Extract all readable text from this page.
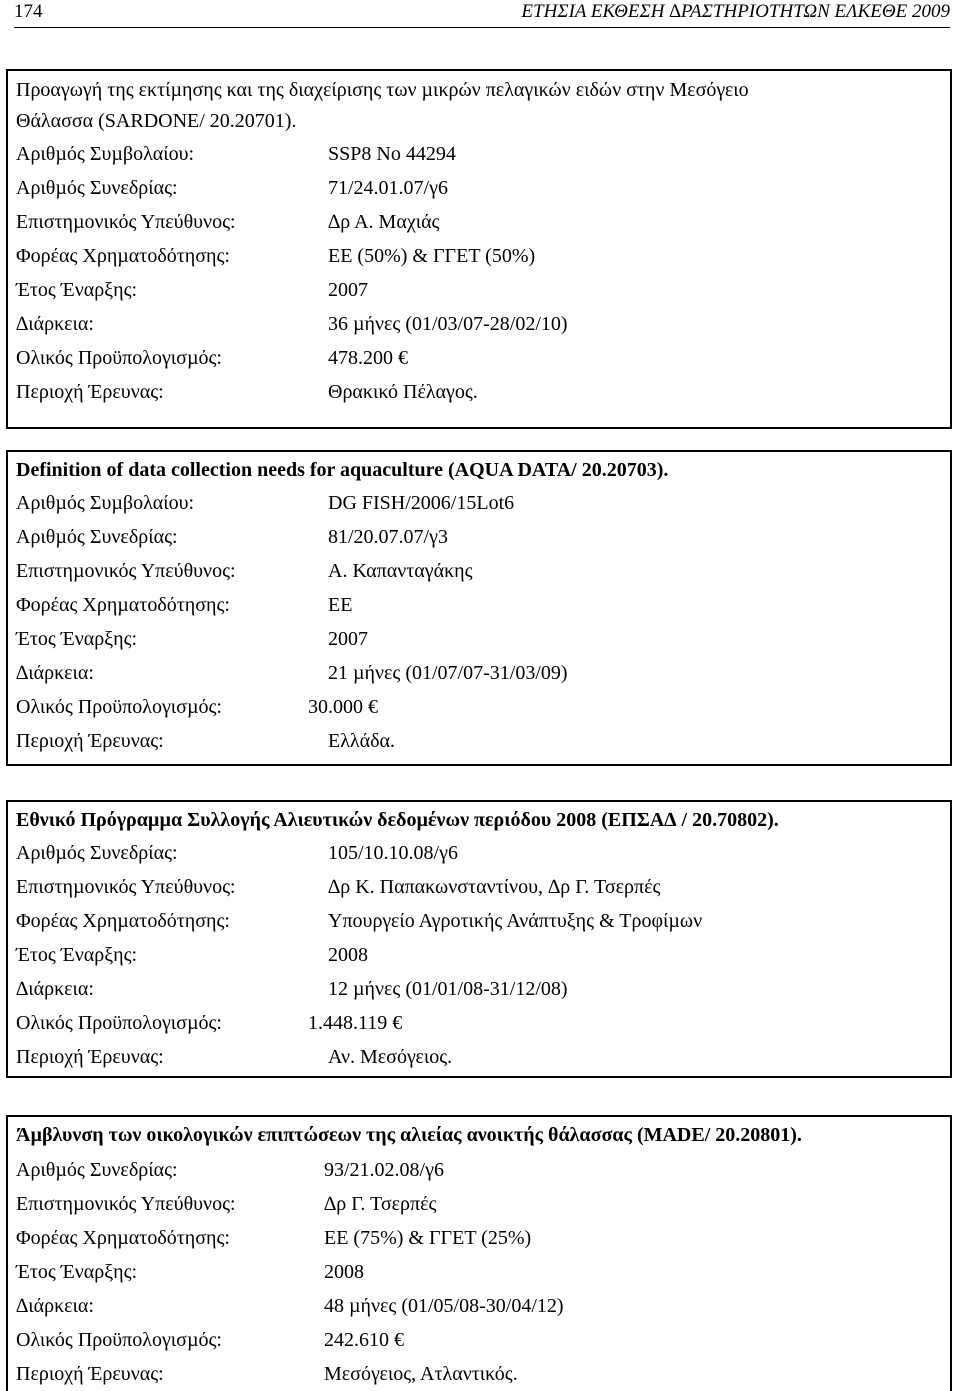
174	ΕΤΗΣΙΑ ΕΚΘΕΣΗ ∆ΡΑΣΤΗΡΙΟΤΗΤΩΝ ΕΛΚΕΘΕ 2009
Προαγωγή της εκτίµησης και της διαχείρισης των µικρών πελαγικών ειδών στην Μεσόγειο
Θάλασσα (SARDONE/ 20.20701).
Αριθµός Συµβολαίου:	SSP8 No 44294
Αριθµός Συνεδρίας:	71/24.01.07/γ6
Επιστηµονικός Υπεύθυνος:	∆ρ Α. Μαχιάς
Φορέας Χρηµατοδότησης:	ΕΕ (50%) & ΓΓΕΤ (50%)
Έτος Έναρξης:	2007
∆ιάρκεια:	36 µήνες (01/03/07-28/02/10)
Ολικός Προϋπολογισµός:	478.200 €
Περιοχή Έρευνας:	Θρακικό Πέλαγος.
Definition of data collection needs for aquaculture (AQUA DATA/ 20.20703).
Αριθµός Συµβολαίου:	DG FISH/2006/15Lot6
Αριθµός Συνεδρίας:	81/20.07.07/γ3
Επιστηµονικός Υπεύθυνος:	Α. Καπανταγάκης
Φορέας Χρηµατοδότησης:	ΕΕ
Έτος Έναρξης:	2007
∆ιάρκεια:	21 µήνες (01/07/07-31/03/09)
Ολικός Προϋπολογισµός:	30.000 €
Περιοχή Έρευνας:	Ελλάδα.
Εθνικό Πρόγραµµα Συλλογής Αλιευτικών δεδοµένων περιόδου 2008 (ΕΠΣΑ∆ / 20.70802).
Αριθµός Συνεδρίας:	105/10.10.08/γ6
Επιστηµονικός Υπεύθυνος:	∆ρ Κ. Παπακωνσταντίνου, ∆ρ Γ. Τσερπές
Φορέας Χρηµατοδότησης:	Υπουργείο Αγροτικής Ανάπτυξης & Τροφίµων
Έτος Έναρξης:	2008
∆ιάρκεια:	12 µήνες (01/01/08-31/12/08)
Ολικός Προϋπολογισµός:	1.448.119 €
Περιοχή Έρευνας:	Αν. Μεσόγειος.
Άµβλυνση των οικολογικών επιπτώσεων της αλιείας ανοικτής θάλασσας (MADE/ 20.20801).
Αριθµός Συνεδρίας:	93/21.02.08/γ6
Επιστηµονικός Υπεύθυνος:	∆ρ Γ. Τσερπές
Φορέας Χρηµατοδότησης:	ΕΕ (75%) & ΓΓΕΤ (25%)
Έτος Έναρξης:	2008
∆ιάρκεια:	48 µήνες (01/05/08-30/04/12)
Ολικός Προϋπολογισµός:	242.610 €
Περιοχή Έρευνας:	Μεσόγειος, Ατλαντικός.
